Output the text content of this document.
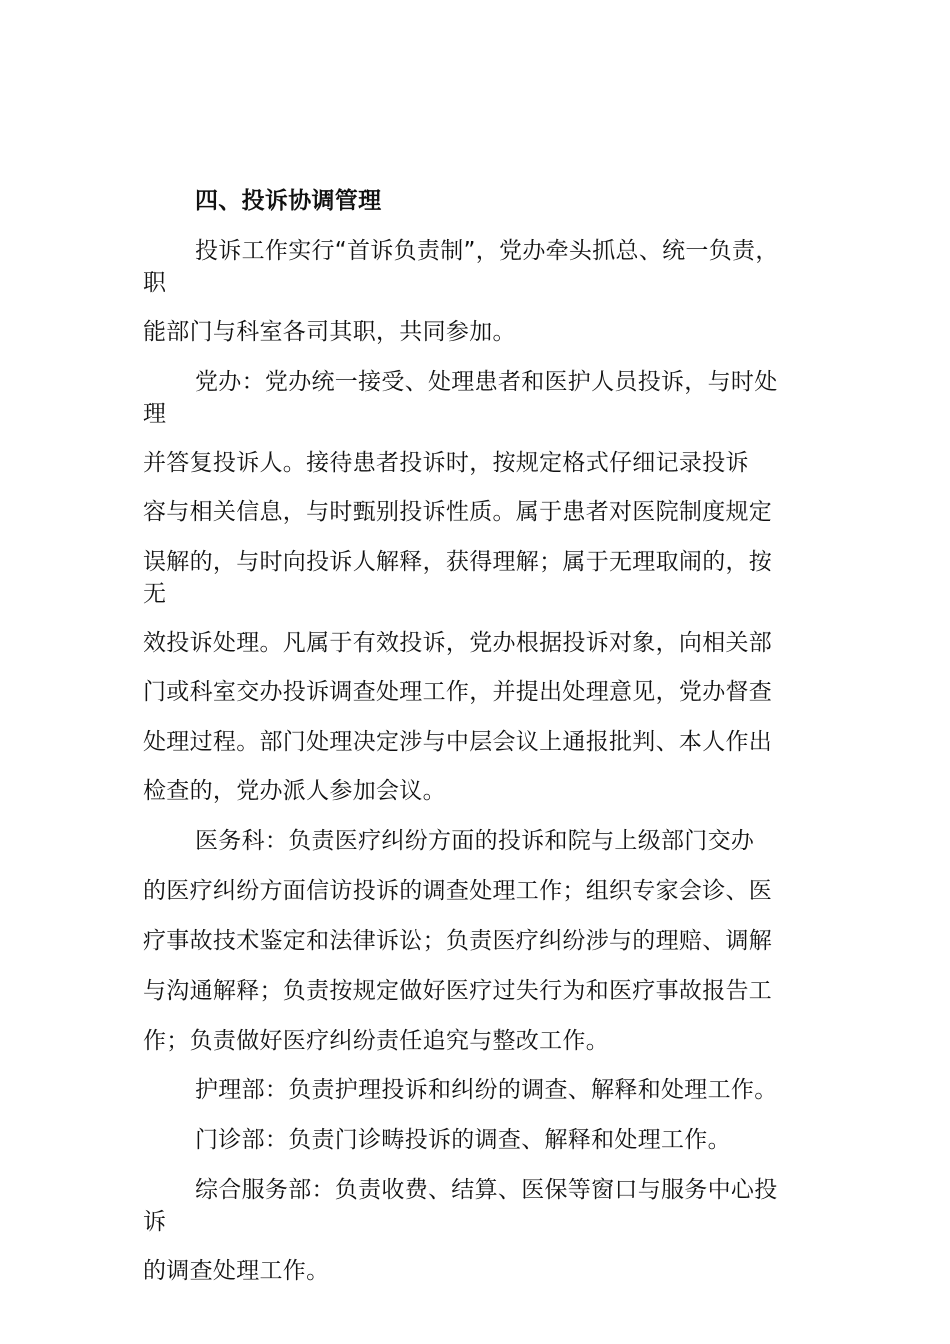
四、投诉协调管理
投诉工作实行“首诉负责制”，党办牵头抓总、统一负责，
职
能部门与科室各司其职，共同参加。
党办：党办统一接受、处理患者和医护人员投诉，与时处
理
并答复投诉人。接待患者投诉时，按规定格式仔细记录投诉
容与相关信息，与时甄别投诉性质。属于患者对医院制度规定
误解的，与时向投诉人解释，获得理解；属于无理取闹的，按
无
效投诉处理。凡属于有效投诉，党办根据投诉对象，向相关部
门或科室交办投诉调查处理工作，并提出处理意见，党办督查
处理过程。部门处理决定涉与中层会议上通报批判、本人作出
检查的，党办派人参加会议。
医务科：负责医疗纠纷方面的投诉和院与上级部门交办
的医疗纠纷方面信访投诉的调查处理工作；组织专家会诊、医
疗事故技术鉴定和法律诉讼；负责医疗纠纷涉与的理赔、调解
与沟通解释；负责按规定做好医疗过失行为和医疗事故报告工
作；负责做好医疗纠纷责任追究与整改工作。
护理部：负责护理投诉和纠纷的调查、解释和处理工作。
门诊部：负责门诊畴投诉的调查、解释和处理工作。
综合服务部：负责收费、结算、医保等窗口与服务中心投
诉
的调查处理工作。
